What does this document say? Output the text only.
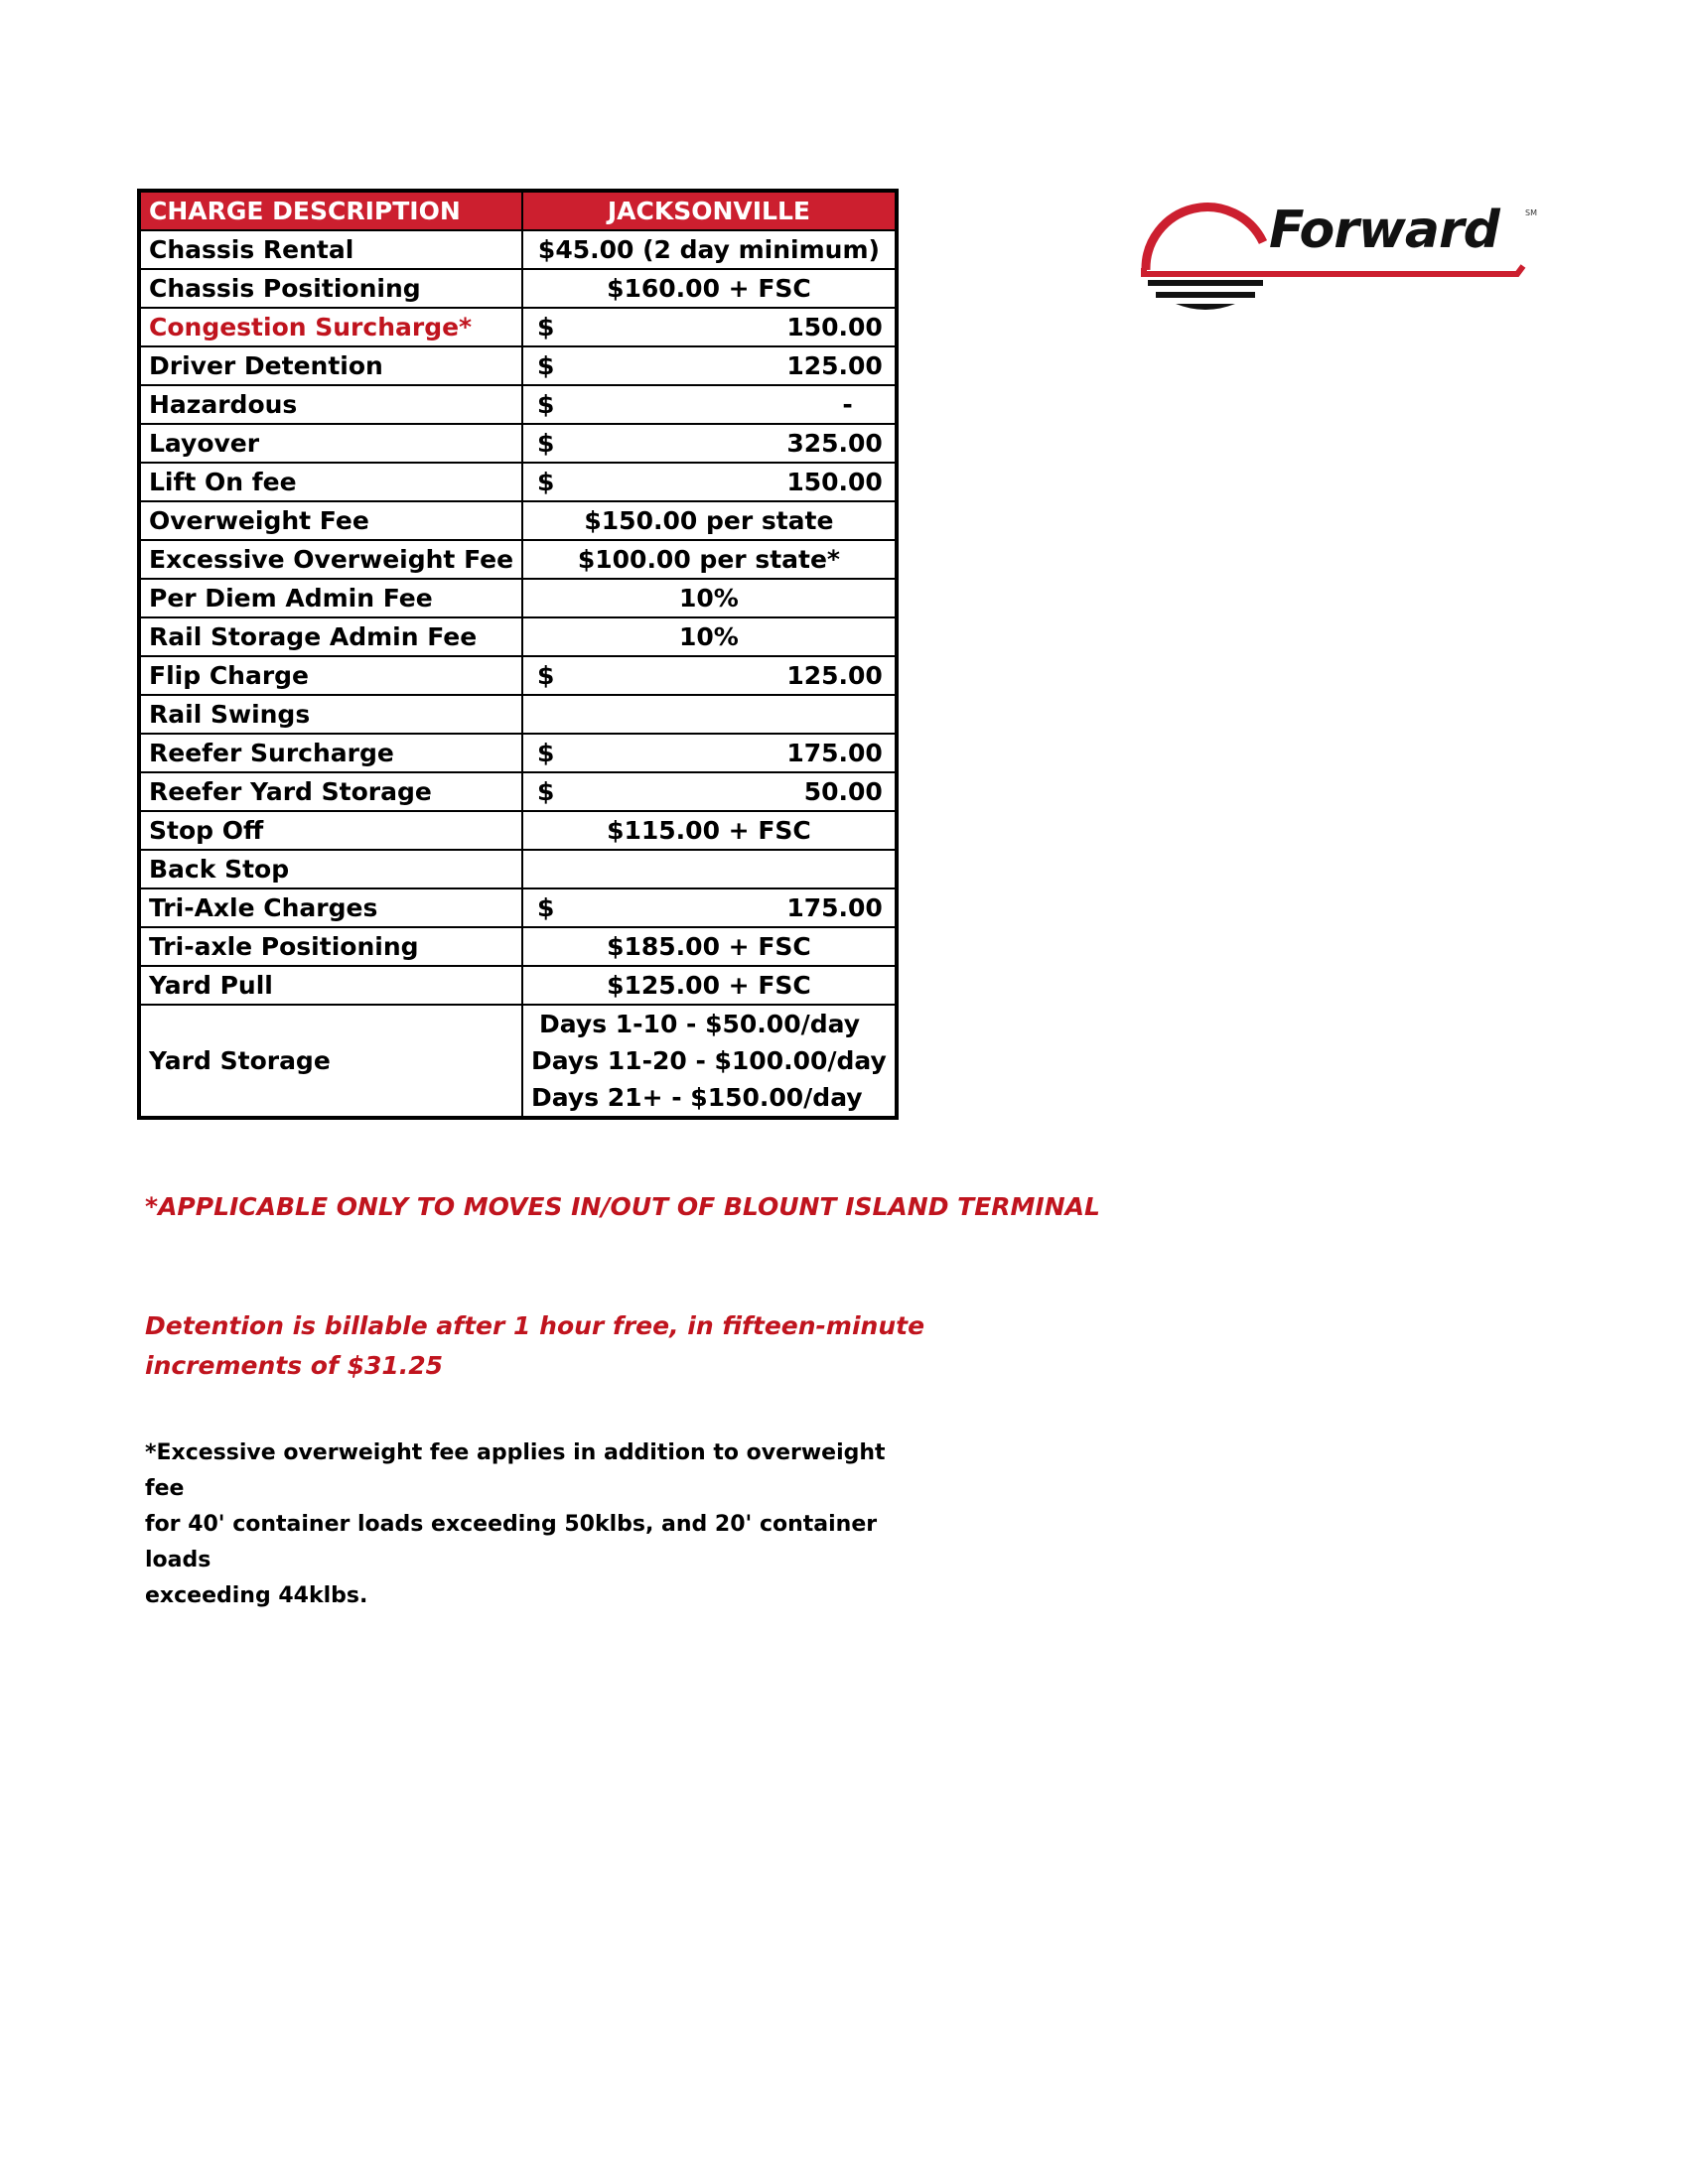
CHARGE DESCRIPTION	JACKSONVILLE
Chassis Rental	$45.00 (2 day minimum)
Chassis Positioning	$160.00 + FSC
Congestion Surcharge*	$ 150.00
Driver Detention	$ 125.00
Hazardous	$ -
Layover	$ 325.00
Lift On fee	$ 150.00
Overweight Fee	$150.00 per state
Excessive Overweight Fee	$100.00 per state*
Per Diem Admin Fee	10%
Rail Storage Admin Fee	10%
Flip Charge	$ 125.00
Rail Swings	
Reefer Surcharge	$ 175.00
Reefer Yard Storage	$ 50.00
Stop Off	$115.00 + FSC
Back Stop	
Tri-Axle Charges	$ 175.00
Tri-axle Positioning	$185.00 + FSC
Yard Pull	$125.00 + FSC
Yard Storage	Days 1-10 - $50.00/day
Days 11-20 - $100.00/day
Days 21+ - $150.00/day
*APPLICABLE ONLY TO MOVES IN/OUT OF BLOUNT ISLAND TERMINAL
Detention is billable after 1 hour free, in fifteen-minute
increments of $31.25
*Excessive overweight fee applies in addition to overweight fee
for 40' container loads exceeding 50klbs, and 20' container loads
exceeding 44klbs.
Forward	SM
